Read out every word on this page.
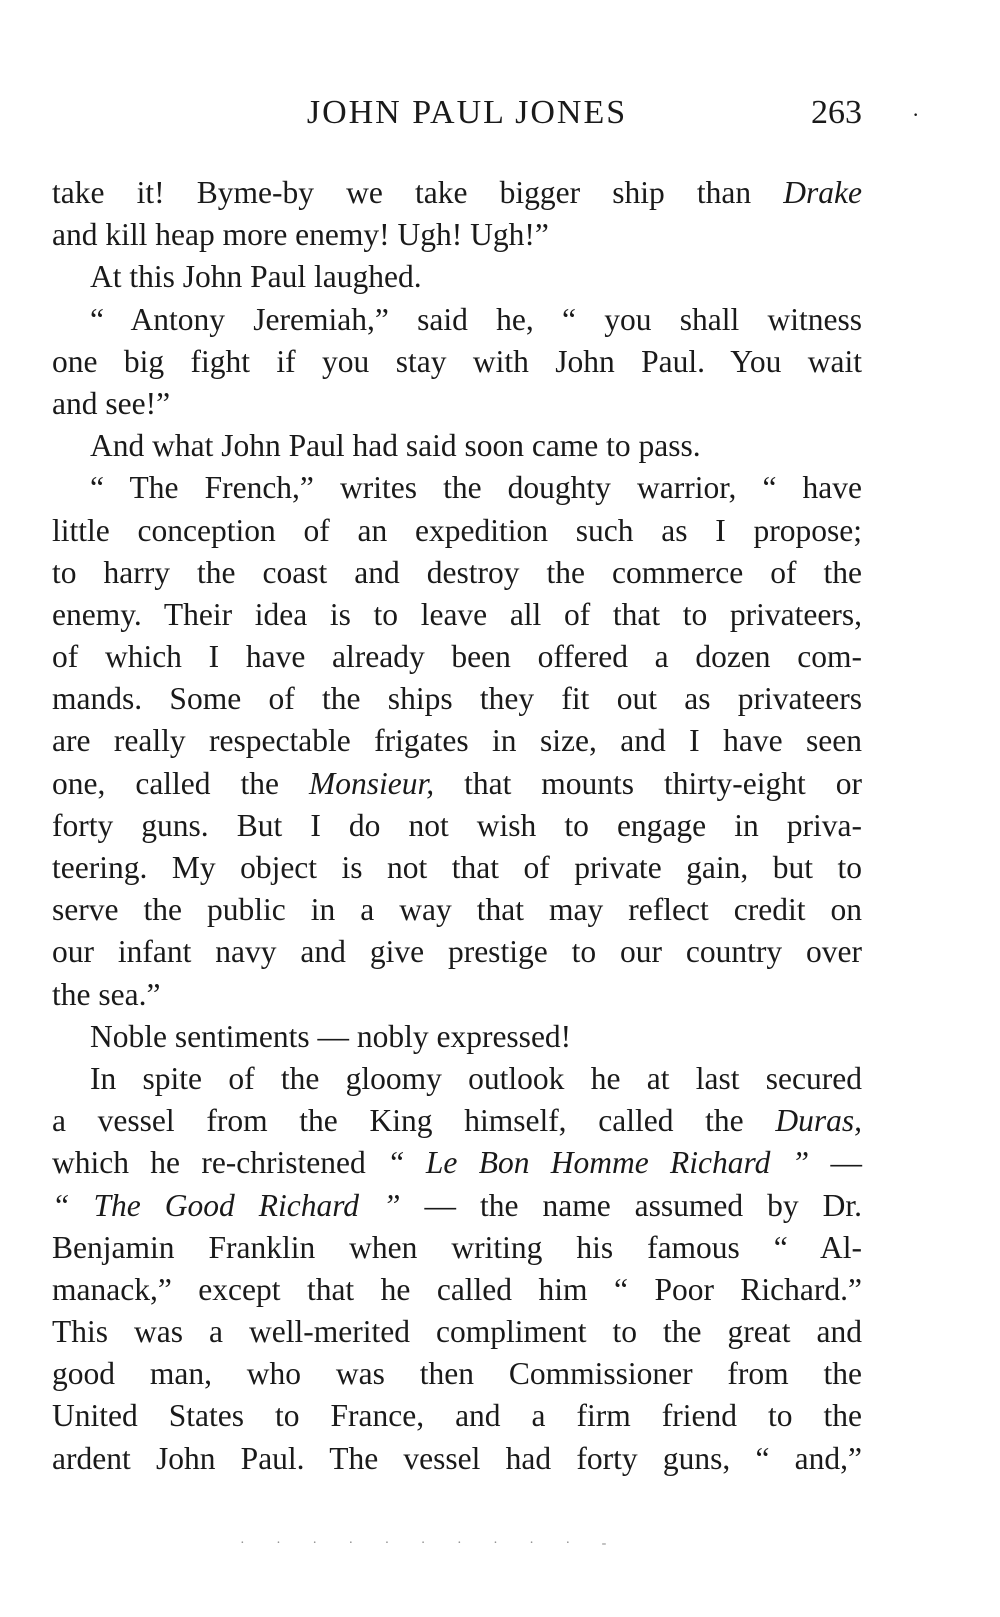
JOHN PAUL JONES	263 ·
take it! Byme-by we take bigger ship than Drake
and kill heap more enemy! Ugh! Ugh!”
At this John Paul laughed.
“ Antony Jeremiah,” said he, “ you shall witness
one big fight if you stay with John Paul. You wait
and see!”
And what John Paul had said soon came to pass.
“ The French,” writes the doughty warrior, “ have
little conception of an expedition such as I propose;
to harry the coast and destroy the commerce of the
enemy. Their idea is to leave all of that to privateers,
of which I have already been offered a dozen com-
mands. Some of the ships they fit out as privateers
are really respectable frigates in size, and I have seen
one, called the Monsieur, that mounts thirty-eight or
forty guns. But I do not wish to engage in priva-
teering. My object is not that of private gain, but to
serve the public in a way that may reflect credit on
our infant navy and give prestige to our country over
the sea.”
Noble sentiments — nobly expressed!
In spite of the gloomy outlook he at last secured
a vessel from the King himself, called the Duras,
which he re-christened “ Le Bon Homme Richard ” —
“ The Good Richard ” — the name assumed by Dr.
Benjamin Franklin when writing his famous “ Al-
manack,” except that he called him “ Poor Richard.”
This was a well-merited compliment to the great and
good man, who was then Commissioner from the
United States to France, and a firm friend to the
ardent John Paul. The vessel had forty guns, “ and,”
· · · · · · · · · · -
